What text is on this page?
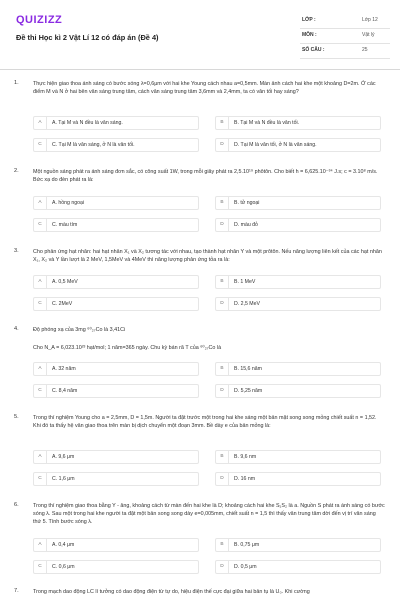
QUIZIZZ
Đề thi Học kì 2 Vật Lí 12 có đáp án (Đề 4)
LỚP :	Lớp 12
MÔN :	Vật lý
SỐ CÂU :	25
1.	Thực hiện giao thoa ánh sáng có bước sóng λ=0,6μm với hai khe Young cách nhau a=0,5mm. Màn ảnh cách hai khe một khoảng D=2m. Ở các điểm M và N ở hai bên vân sáng trung tâm, cách vân sáng trung tâm 3,6mm và 2,4mm, ta có vân tối hay sáng?
A	A. Tại M và N đều là vân sáng.	B	B. Tại M và N đều là vân tối.
C	C. Tại M là vân sáng, ở N là vân tối.	D	D. Tại M là vân tối, ở N là vân sáng.
2.	Một nguồn sáng phát ra ánh sáng đơn sắc, có công suất 1W, trong mỗi giây phát ra 2,5.10¹⁹ phôtôn. Cho biết h = 6,625.10⁻³⁴ J.s; c = 3.10⁸ m/s. Bức xạ do đèn phát ra là:
A	A. hồng ngoại	B	B. tử ngoại
C	C. màu tím	D	D. màu đỏ
3.	Cho phản ứng hạt nhân: hai hạt nhân X₁ và X₂ tương tác với nhau, tạo thành hạt nhân Y và một prôtôn. Nếu năng lượng liên kết của các hạt nhân X₁, X₂ và Y lần lượt là 2 MeV, 1,5MeV và 4MeV thì năng lượng phản ứng tỏa ra là:
A	A. 0,5 MeV	B	B. 1 MeV
C	C. 2MeV	D	D. 2,5 MeV
4.	Độ phóng xạ của 3mg ⁶⁰₂₇Co là 3,41Ci
Cho N_A = 6,023.10²³ hạt/mol; 1 năm=365 ngày. Chu kỳ bán rã T của ⁶⁰₂₇Co là
A	A. 32 năm	B	B. 15,6 năm
C	C. 8,4 năm	D	D. 5,25 năm
5.	Trong thí nghiệm Young cho a = 2,5mm, D = 1,5m. Người ta đặt trước một trong hai khe sáng một bản mặt song song mỏng chiết suất n = 1,52. Khi đó ta thấy hệ vân giao thoa trên màn bị dịch chuyển một đoạn 3mm. Bề dày e của bản mỏng là:
A	A. 9,6 μm	B	B. 9,6 nm
C	C. 1,6 μm	D	D. 16 nm
6.	Trong thí nghiệm giao thoa bằng Y - âng, khoảng cách từ màn đến hai khe là D; khoảng cách hai khe S₁S₂ là a. Nguồn S phát ra ánh sáng có bước sóng λ. Sau một trong hai khe người ta đặt một bản song song dày e=0,005mm, chiết suất n = 1,5 thì thấy vân trung tâm dời đến vị trí vân sáng thứ 5. Tính bước sóng λ.
A	A. 0,4 μm	B	B. 0,75 μm
C	C. 0,6 μm	D	D. 0,5 μm
7.	Trong mạch dao động LC lí tưởng có dao động điện từ tự do, hiệu điện thế cực đại giữa hai bản tụ là U₀. Khi cường
